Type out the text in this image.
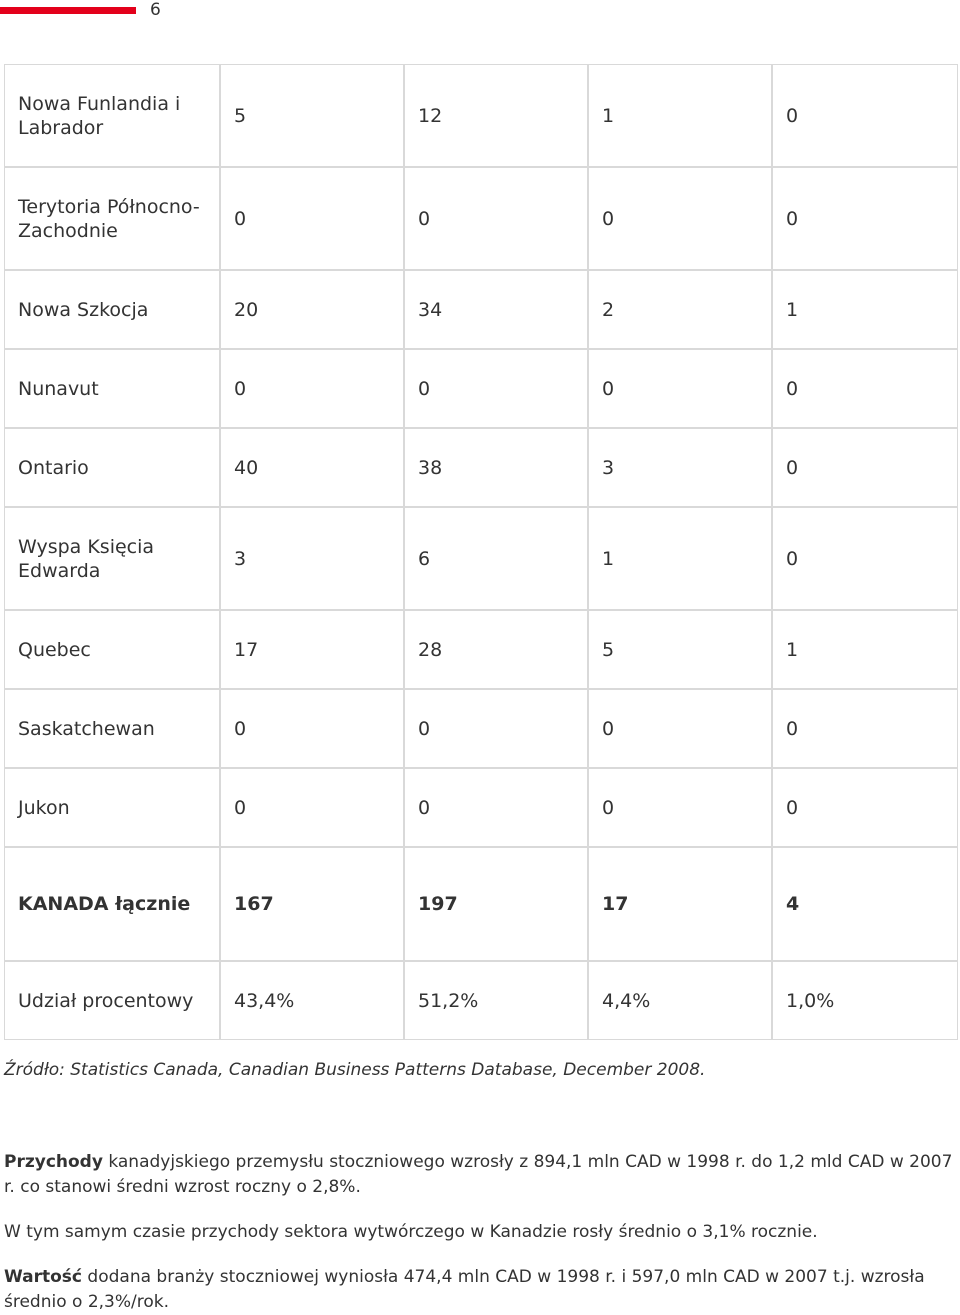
6
Nowa Funlandia i Labrador	5	12	1	0
Terytoria Północno-Zachodnie	0	0	0	0
Nowa Szkocja	20	34	2	1
Nunavut	0	0	0	0
Ontario	40	38	3	0
Wyspa Księcia Edwarda	3	6	1	0
Quebec	17	28	5	1
Saskatchewan	0	0	0	0
Jukon	0	0	0	0
KANADA łącznie	167	197	17	4
Udział procentowy	43,4%	51,2%	4,4%	1,0%
Źródło: Statistics Canada, Canadian Business Patterns Database, December 2008.

Przychody kanadyjskiego przemysłu stoczniowego wzrosły z 894,1 mln CAD w 1998 r. do 1,2 mld CAD w 2007 r. co stanowi średni wzrost roczny o 2,8%.

W tym samym czasie przychody sektora wytwórczego w Kanadzie rosły średnio o 3,1% rocznie.

Wartość dodana branży stoczniowej wyniosła 474,4 mln CAD w 1998 r. i 597,0 mln CAD w 2007 t.j. wzrosła średnio o 2,3%/rok.
